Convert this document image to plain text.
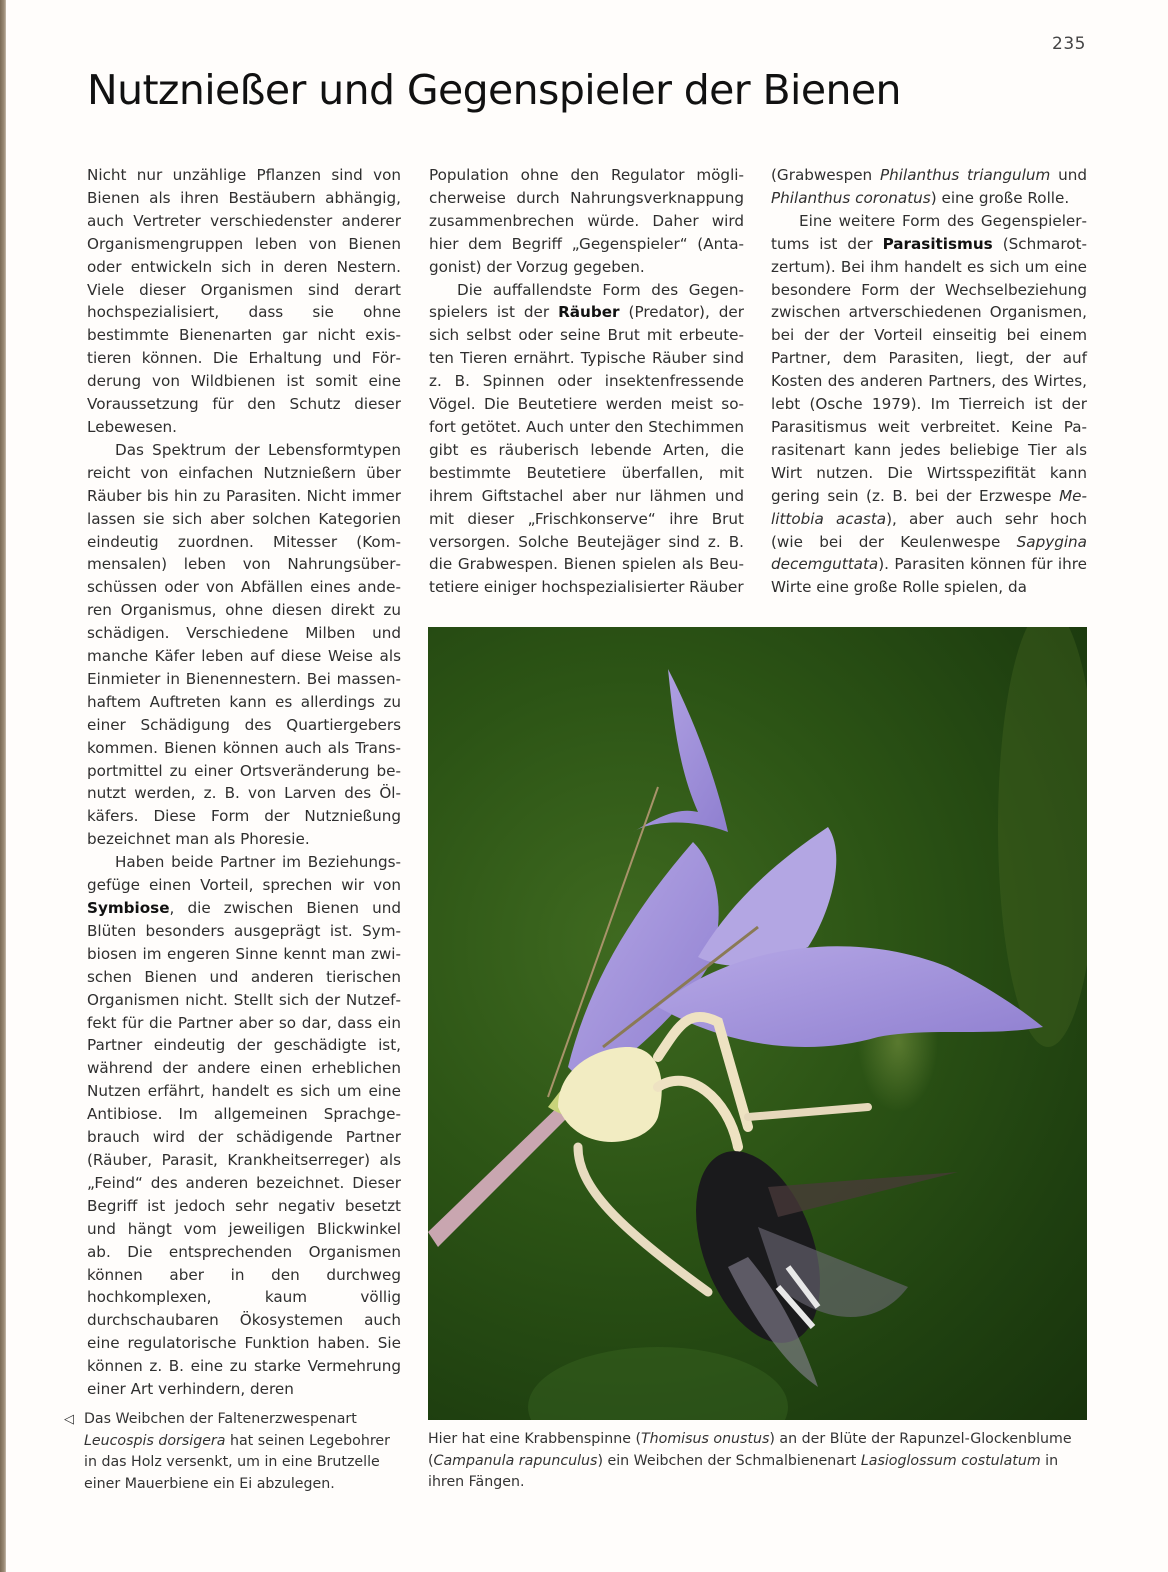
235
Nutznießer und Gegenspieler der Bienen

Nicht nur unzählige Pflanzen sind von Bienen als ihren Bestäubern abhängig, auch Vertreter verschiedenster anderer Organismengruppen leben von Bienen oder entwickeln sich in deren Nestern. Viele dieser Organismen sind derart hochspezialisiert, dass sie ohne bestimmte Bienenarten gar nicht existieren können. Die Erhaltung und Förderung von Wildbienen ist somit eine Voraussetzung für den Schutz dieser Lebewesen.

Das Spektrum der Lebensformtypen reicht von einfachen Nutznießern über Räuber bis hin zu Parasiten. Nicht immer lassen sie sich aber solchen Kategorien eindeutig zuordnen. Mitesser (Kommensalen) leben von Nahrungsüberschüssen oder von Abfällen eines anderen Organismus, ohne diesen direkt zu schädigen. Verschiedene Milben und manche Käfer leben auf diese Weise als Einmieter in Bienennestern. Bei massenhaftem Auftreten kann es allerdings zu einer Schädigung des Quartiergebers kommen. Bienen können auch als Transportmittel zu einer Ortsveränderung benutzt werden, z. B. von Larven des Ölkäfers. Diese Form der Nutznießung bezeichnet man als Phoresie.

Haben beide Partner im Beziehungsgefüge einen Vorteil, sprechen wir von Symbiose, die zwischen Bienen und Blüten besonders ausgeprägt ist. Symbiosen im engeren Sinne kennt man zwischen Bienen und anderen tierischen Organismen nicht. Stellt sich der Nutzeffekt für die Partner aber so dar, dass ein Partner eindeutig der geschädigte ist, während der andere einen erheblichen Nutzen erfährt, handelt es sich um eine Antibiose. Im allgemeinen Sprachgebrauch wird der schädigende Partner (Räuber, Parasit, Krankheitserreger) als „Feind“ des anderen bezeichnet. Dieser Begriff ist jedoch sehr negativ besetzt und hängt vom jeweiligen Blickwinkel ab. Die entsprechenden Organismen können aber in den durchweg hochkomplexen, kaum völlig durchschaubaren Ökosystemen auch eine regulatorische Funktion haben. Sie können z. B. eine zu starke Vermehrung einer Art verhindern, deren

Population ohne den Regulator möglicherweise durch Nahrungsverknappung zusammenbrechen würde. Daher wird hier dem Begriff „Gegenspieler“ (Antagonist) der Vorzug gegeben.

Die auffallendste Form des Gegenspielers ist der Räuber (Predator), der sich selbst oder seine Brut mit erbeuteten Tieren ernährt. Typische Räuber sind z. B. Spinnen oder insektenfressende Vögel. Die Beutetiere werden meist sofort getötet. Auch unter den Stechimmen gibt es räuberisch lebende Arten, die bestimmte Beutetiere überfallen, mit ihrem Giftstachel aber nur lähmen und mit dieser „Frischkonserve“ ihre Brut versorgen. Solche Beutejäger sind z. B. die Grabwespen. Bienen spielen als Beutetiere einiger hochspezialisierter Räuber

(Grabwespen Philanthus triangulum und Philanthus coronatus) eine große Rolle.

Eine weitere Form des Gegenspielertums ist der Parasitismus (Schmarotzertum). Bei ihm handelt es sich um eine besondere Form der Wechselbeziehung zwischen artverschiedenen Organismen, bei der der Vorteil einseitig bei einem Partner, dem Parasiten, liegt, der auf Kosten des anderen Partners, des Wirtes, lebt (Osche 1979). Im Tierreich ist der Parasitismus weit verbreitet. Keine Parasitenart kann jedes beliebige Tier als Wirt nutzen. Die Wirtsspezifität kann gering sein (z. B. bei der Erzwespe Melittobia acasta), aber auch sehr hoch (wie bei der Keulenwespe Sapygina decemguttata). Parasiten können für ihre Wirte eine große Rolle spielen, da

Hier hat eine Krabbenspinne (Thomisus onustus) an der Blüte der Rapunzel-Glockenblume (Campanula rapunculus) ein Weibchen der Schmalbienenart Lasioglossum costulatum in ihren Fängen.
◁ Das Weibchen der Faltenerzwespenart Leucospis dorsigera hat seinen Legebohrer in das Holz versenkt, um in eine Brutzelle einer Mauerbiene ein Ei abzulegen.
